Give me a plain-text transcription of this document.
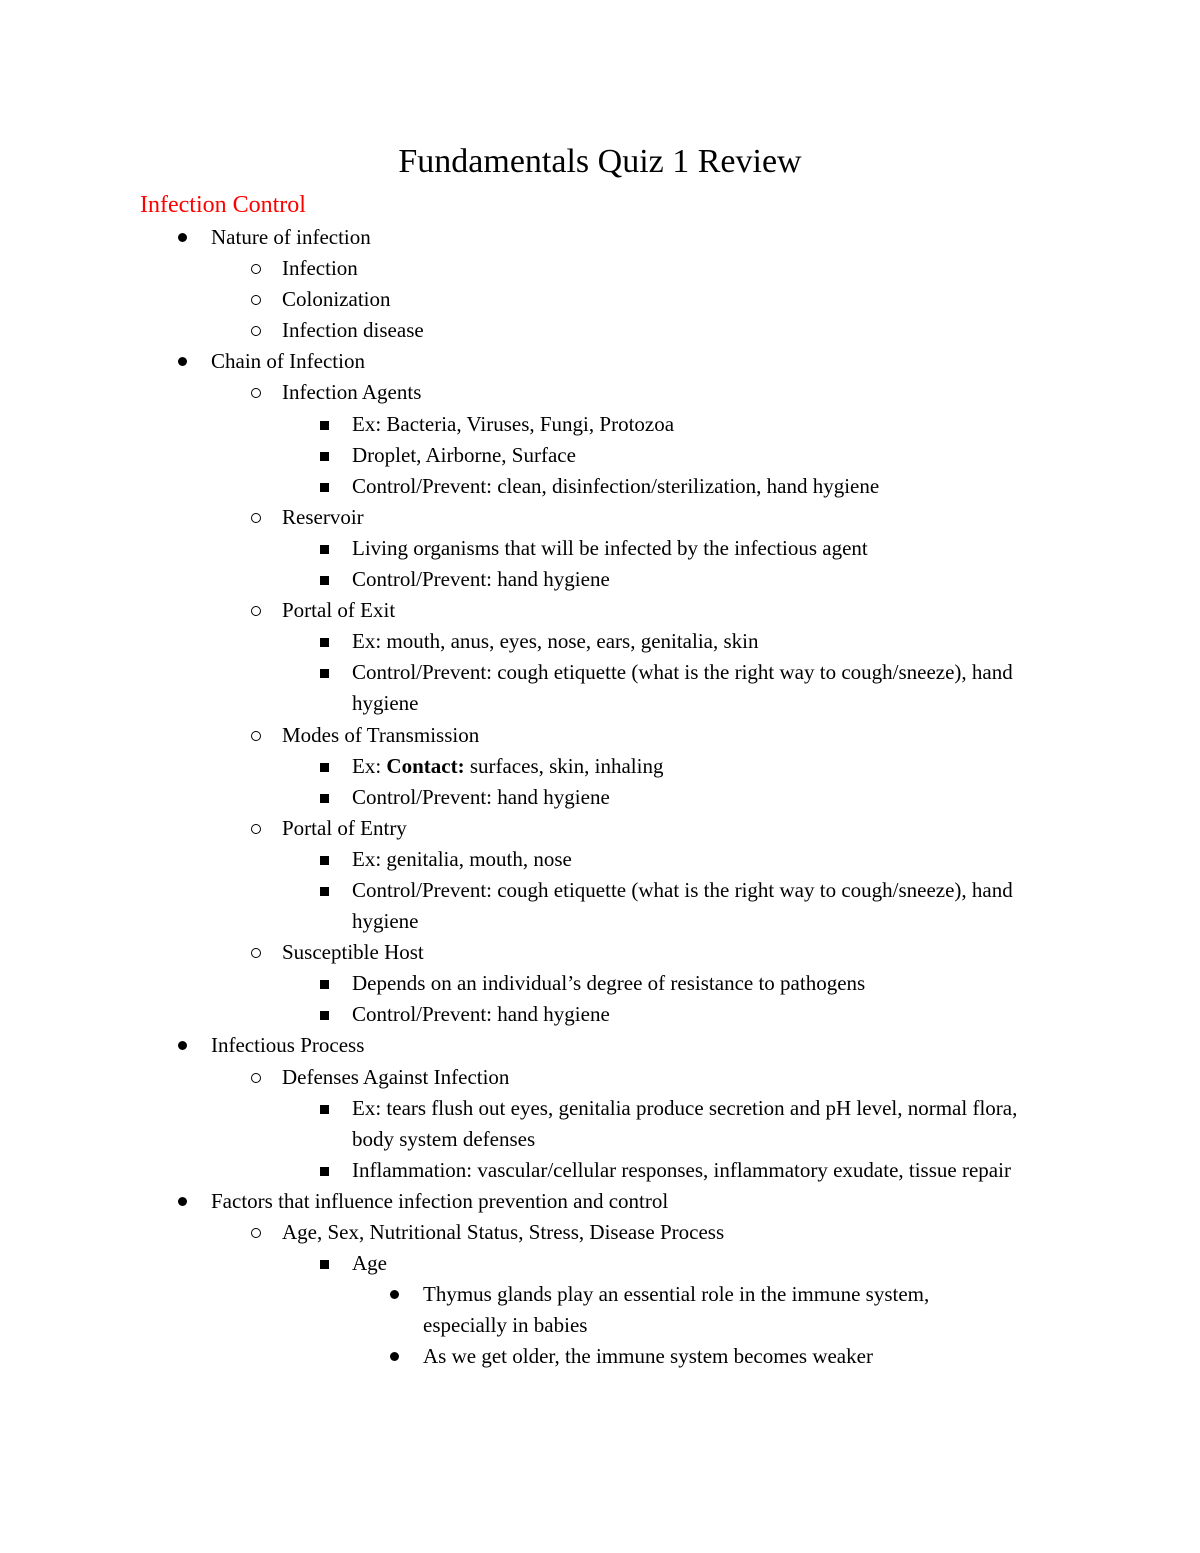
Fundamentals Quiz 1 Review
Infection Control
Nature of infection
Infection
Colonization
Infection disease
Chain of Infection
Infection Agents
Ex: Bacteria, Viruses, Fungi, Protozoa
Droplet, Airborne, Surface
Control/Prevent: clean, disinfection/sterilization, hand hygiene
Reservoir
Living organisms that will be infected by the infectious agent
Control/Prevent: hand hygiene
Portal of Exit
Ex: mouth, anus, eyes, nose, ears, genitalia, skin
Control/Prevent: cough etiquette (what is the right way to cough/sneeze), hand hygiene
Modes of Transmission
Ex: Contact: surfaces, skin, inhaling
Control/Prevent: hand hygiene
Portal of Entry
Ex: genitalia, mouth, nose
Control/Prevent: cough etiquette (what is the right way to cough/sneeze), hand hygiene
Susceptible Host
Depends on an individual’s degree of resistance to pathogens
Control/Prevent: hand hygiene
Infectious Process
Defenses Against Infection
Ex: tears flush out eyes, genitalia produce secretion and pH level, normal flora, body system defenses
Inflammation: vascular/cellular responses, inflammatory exudate, tissue repair
Factors that influence infection prevention and control
Age, Sex, Nutritional Status, Stress, Disease Process
Age
Thymus glands play an essential role in the immune system, especially in babies
As we get older, the immune system becomes weaker
